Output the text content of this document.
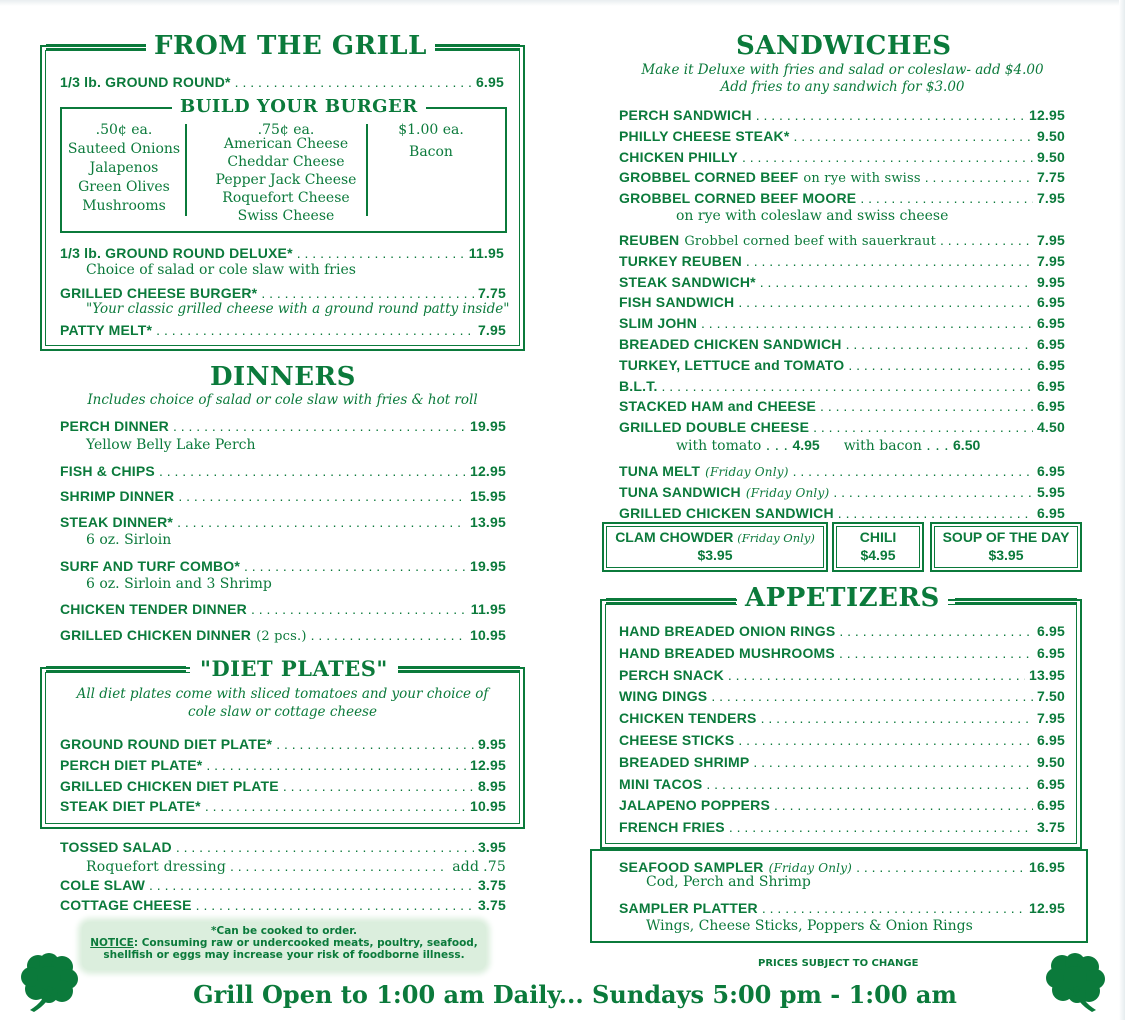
FROM THE GRILL
1/3 lb. GROUND ROUND* . . .	6.95
BUILD YOUR BURGER
.50¢ ea.
Sauteed Onions
Jalapenos
Green Olives
Mushrooms
.75¢ ea.
American Cheese
Cheddar Cheese
Pepper Jack Cheese
Roquefort Cheese
Swiss Cheese
$1.00 ea.
Bacon
1/3 lb. GROUND ROUND DELUXE* . . .	11.95
Choice of salad or cole slaw with fries
GRILLED CHEESE BURGER* . . .	7.75
"Your classic grilled cheese with a ground round patty inside"
PATTY MELT* . . .	7.95
DINNERS
Includes choice of salad or cole slaw with fries & hot roll
PERCH DINNER . . .	19.95
Yellow Belly Lake Perch
FISH & CHIPS . . .	12.95
SHRIMP DINNER . . .	15.95
STEAK DINNER* . . .	13.95
6 oz. Sirloin
SURF AND TURF COMBO* . . .	19.95
6 oz. Sirloin and 3 Shrimp
CHICKEN TENDER DINNER . . .	11.95
GRILLED CHICKEN DINNER (2 pcs.) . . .	10.95
"DIET PLATES"
All diet plates come with sliced tomatoes and your choice of
cole slaw or cottage cheese
GROUND ROUND DIET PLATE* . . .	9.95
PERCH DIET PLATE* . . .	12.95
GRILLED CHICKEN DIET PLATE . . .	8.95
STEAK DIET PLATE* . . .	10.95
TOSSED SALAD . . .	3.95
Roquefort dressing . . .	add .75
COLE SLAW . . .	3.75
COTTAGE CHEESE . . .	3.75
*Can be cooked to order.
NOTICE: Consuming raw or undercooked meats, poultry, seafood,
shellfish or eggs may increase your risk of foodborne illness.
SANDWICHES
Make it Deluxe with fries and salad or coleslaw- add $4.00
Add fries to any sandwich for $3.00
PERCH SANDWICH . . .	12.95
PHILLY CHEESE STEAK* . . .	9.50
CHICKEN PHILLY . . .	9.50
GROBBEL CORNED BEEF on rye with swiss . . .	7.75
GROBBEL CORNED BEEF MOORE . . .	7.95
on rye with coleslaw and swiss cheese
REUBEN Grobbel corned beef with sauerkraut . . .	7.95
TURKEY REUBEN . . .	7.95
STEAK SANDWICH* . . .	9.95
FISH SANDWICH . . .	6.95
SLIM JOHN . . .	6.95
BREADED CHICKEN SANDWICH . . .	6.95
TURKEY, LETTUCE and TOMATO . . .	6.95
B.L.T. . . .	6.95
STACKED HAM and CHEESE . . .	6.95
GRILLED DOUBLE CHEESE . . .	4.50
with tomato . . . 4.95 with bacon . . . 6.50
TUNA MELT (Friday Only) . . .	6.95
TUNA SANDWICH (Friday Only) . . .	5.95
GRILLED CHICKEN SANDWICH . . .	6.95
CLAM CHOWDER (Friday Only)
$3.95
CHILI
$4.95
SOUP OF THE DAY
$3.95
APPETIZERS
HAND BREADED ONION RINGS . . .	6.95
HAND BREADED MUSHROOMS . . .	6.95
PERCH SNACK . . .	13.95
WING DINGS . . .	7.50
CHICKEN TENDERS . . .	7.95
CHEESE STICKS . . .	6.95
BREADED SHRIMP . . .	9.50
MINI TACOS . . .	6.95
JALAPENO POPPERS . . .	6.95
FRENCH FRIES . . .	3.75
SEAFOOD SAMPLER (Friday Only) . . .	16.95
Cod, Perch and Shrimp
SAMPLER PLATTER . . .	12.95
Wings, Cheese Sticks, Poppers & Onion Rings
PRICES SUBJECT TO CHANGE
Grill Open to 1:00 am Daily... Sundays 5:00 pm - 1:00 am
